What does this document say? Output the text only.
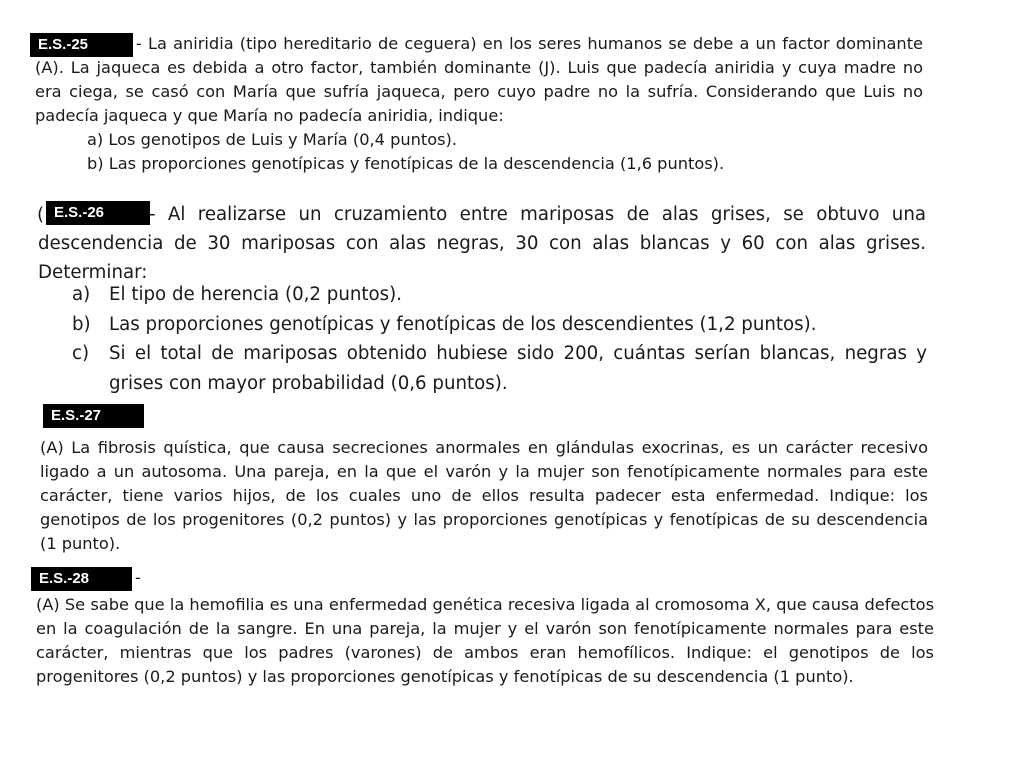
E.S.-25	- La aniridia (tipo hereditario de ceguera) en los seres humanos se debe a un factor dominante (A). La jaqueca es debida a otro factor, también dominante (J). Luis que padecía aniridia y cuya madre no era ciega, se casó con María que sufría jaqueca, pero cuyo padre no la sufría. Considerando que Luis no padecía jaqueca y que María no padecía aniridia, indique:
a) Los genotipos de Luis y María (0,4 puntos).
b) Las proporciones genotípicas y fenotípicas de la descendencia (1,6 puntos).
( E.S.-26	- Al realizarse un cruzamiento entre mariposas de alas grises, se obtuvo una descendencia de 30 mariposas con alas negras, 30 con alas blancas y 60 con alas grises. Determinar:
a) El tipo de herencia (0,2 puntos).
b) Las proporciones genotípicas y fenotípicas de los descendientes (1,2 puntos).
c) Si el total de mariposas obtenido hubiese sido 200, cuántas serían blancas, negras y grises con mayor probabilidad (0,6 puntos).
E.S.-27
(A) La fibrosis quística, que causa secreciones anormales en glándulas exocrinas, es un carácter recesivo ligado a un autosoma. Una pareja, en la que el varón y la mujer son fenotípicamente normales para este carácter, tiene varios hijos, de los cuales uno de ellos resulta padecer esta enfermedad. Indique: los genotipos de los progenitores (0,2 puntos) y las proporciones genotípicas y fenotípicas de su descendencia (1 punto).
E.S.-28	-
(A) Se sabe que la hemofilia es una enfermedad genética recesiva ligada al cromosoma X, que causa defectos en la coagulación de la sangre. En una pareja, la mujer y el varón son fenotípicamente normales para este carácter, mientras que los padres (varones) de ambos eran hemofílicos. Indique: el genotipos de los progenitores (0,2 puntos) y las proporciones genotípicas y fenotípicas de su descendencia (1 punto).
